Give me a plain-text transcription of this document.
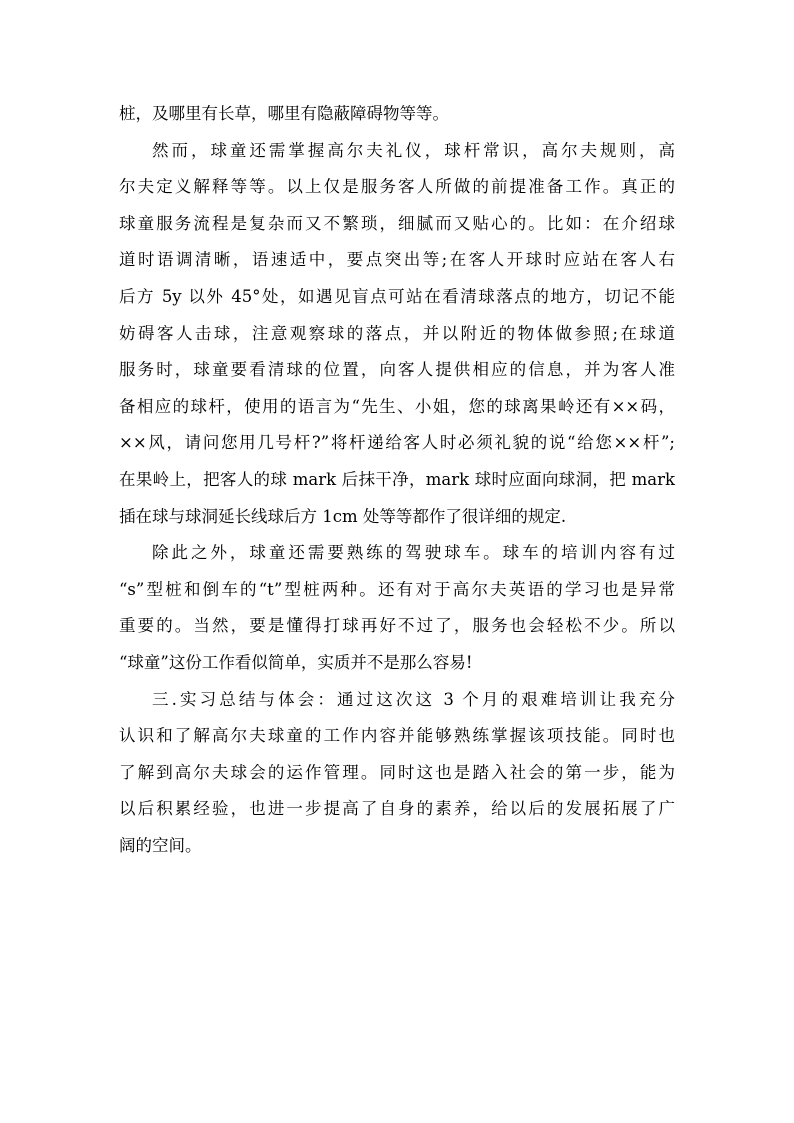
桩，及哪里有长草，哪里有隐蔽障碍物等等。

然而，球童还需掌握高尔夫礼仪，球杆常识，高尔夫规则，高
尔夫定义解释等等。以上仅是服务客人所做的前提准备工作。真正的
球童服务流程是复杂而又不繁琐，细腻而又贴心的。比如：在介绍球
道时语调清晰，语速适中，要点突出等;在客人开球时应站在客人右
后方 5y 以外 45°处，如遇见盲点可站在看清球落点的地方，切记不能
妨碍客人击球，注意观察球的落点，并以附近的物体做参照;在球道
服务时，球童要看清球的位置，向客人提供相应的信息，并为客人准
备相应的球杆，使用的语言为“先生、小姐，您的球离果岭还有××码，
××风，请问您用几号杆?”将杆递给客人时必须礼貌的说“给您××杆”;
在果岭上，把客人的球 mark 后抹干净，mark 球时应面向球洞，把 mark
插在球与球洞延长线球后方 1cm 处等等都作了很详细的规定.

除此之外，球童还需要熟练的驾驶球车。球车的培训内容有过
“s”型桩和倒车的“t”型桩两种。还有对于高尔夫英语的学习也是异常
重要的。当然，要是懂得打球再好不过了，服务也会轻松不少。所以
“球童”这份工作看似简单，实质并不是那么容易!

三.实习总结与体会：通过这次这 3 个月的艰难培训让我充分
认识和了解高尔夫球童的工作内容并能够熟练掌握该项技能。同时也
了解到高尔夫球会的运作管理。同时这也是踏入社会的第一步，能为
以后积累经验，也进一步提高了自身的素养，给以后的发展拓展了广
阔的空间。
